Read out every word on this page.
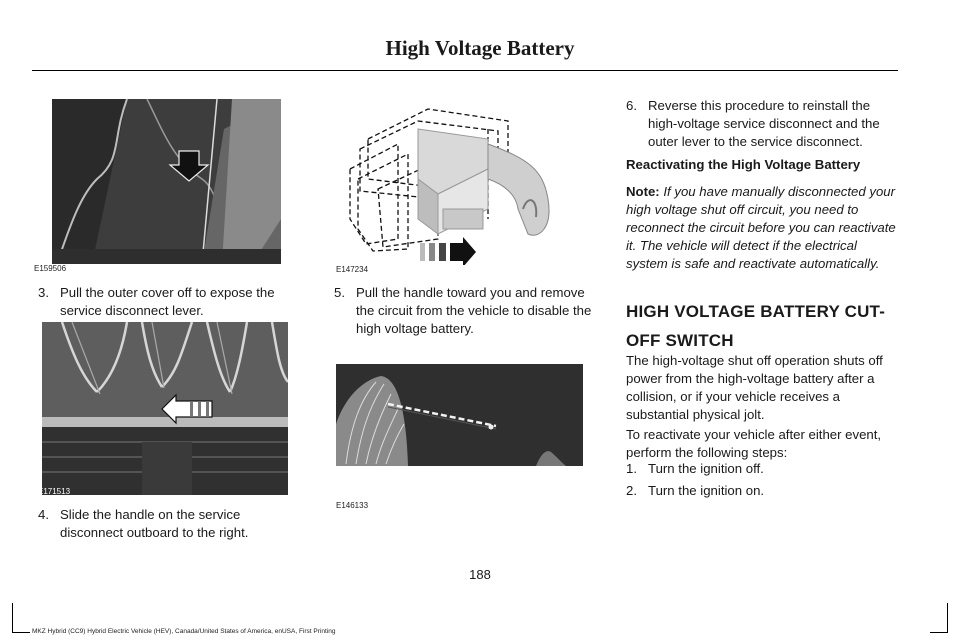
High Voltage Battery
E159506
3. Pull the outer cover off to expose the service disconnect lever.
E171513
4. Slide the handle on the service disconnect outboard to the right.
E147234
5. Pull the handle toward you and remove the circuit from the vehicle to disable the high voltage battery.
E146133
6. Reverse this procedure to reinstall the high-voltage service disconnect and the outer lever to the service disconnect.
Reactivating the High Voltage Battery
Note: If you have manually disconnected your high voltage shut off circuit, you need to reconnect the circuit before you can reactivate it. The vehicle will detect if the electrical system is safe and reactivate automatically.
HIGH VOLTAGE BATTERY CUT-
OFF SWITCH
The high-voltage shut off operation shuts off power from the high-voltage battery after a collision, or if your vehicle receives a substantial physical jolt.
To reactivate your vehicle after either event, perform the following steps:
1. Turn the ignition off.
2. Turn the ignition on.
188
MKZ Hybrid (CC9) Hybrid Electric Vehicle (HEV), Canada/United States of America, enUSA, First Printing
